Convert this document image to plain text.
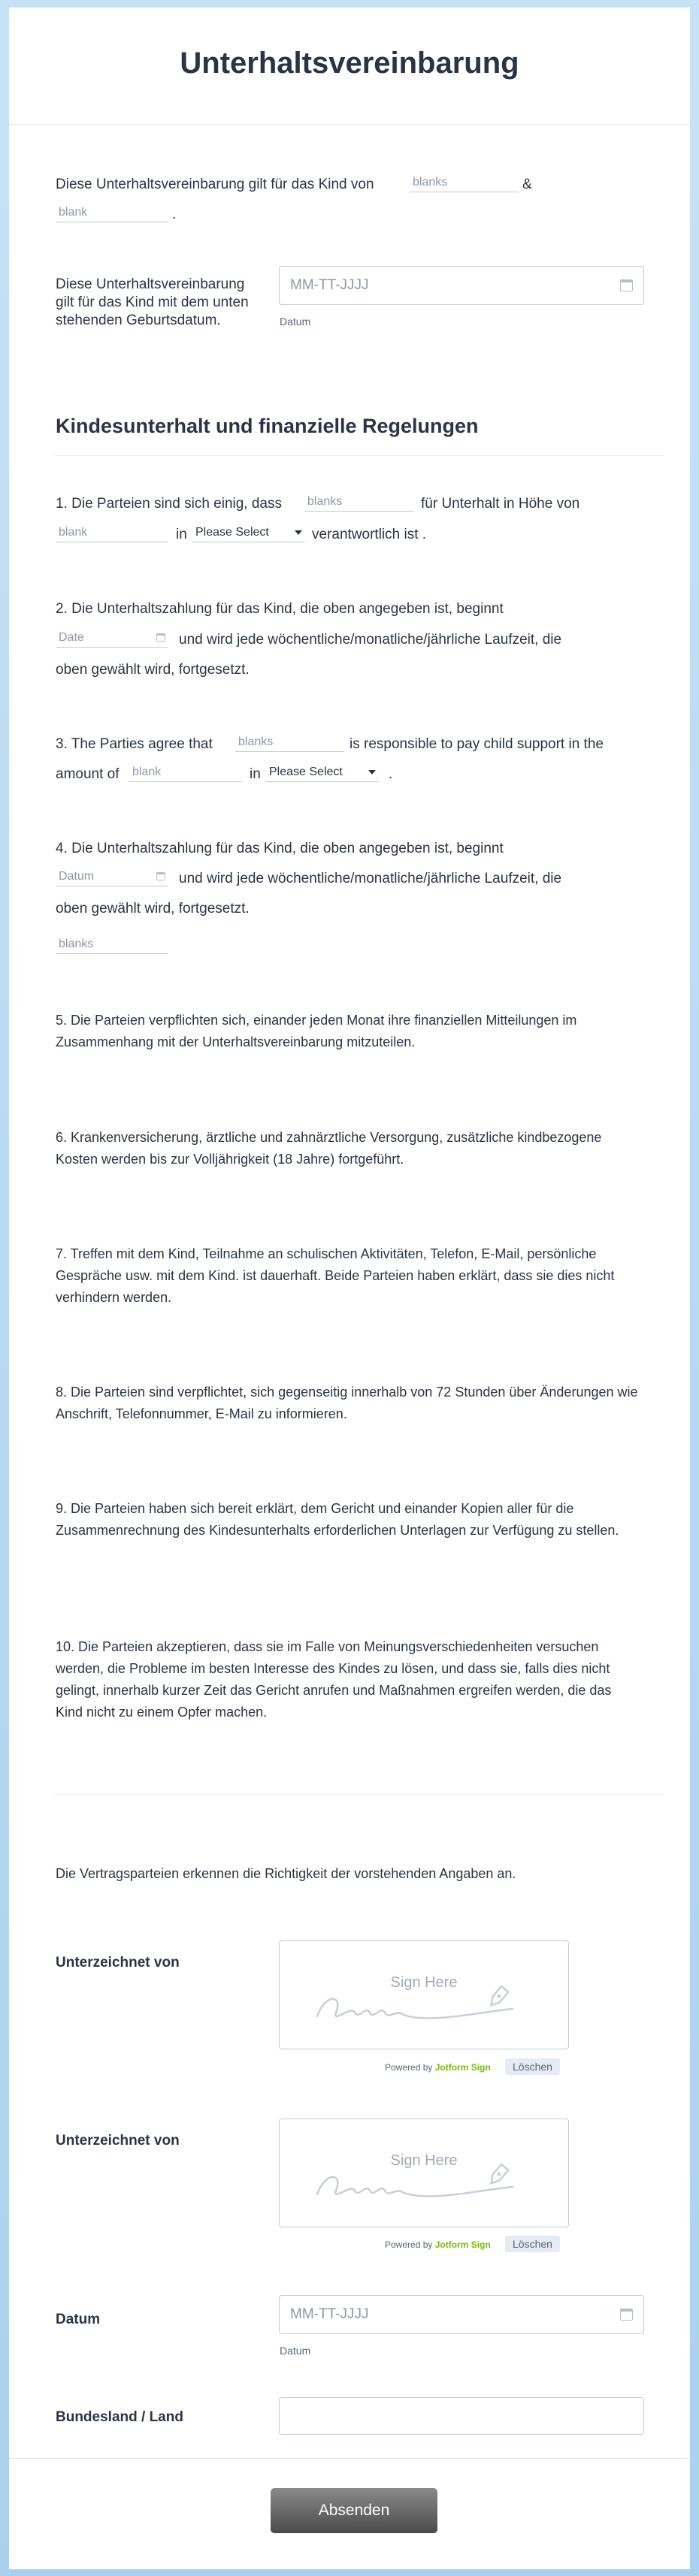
Unterhaltsvereinbarung
Diese Unterhaltsvereinbarung gilt für das Kind von	blanks	&
blank	.
Diese Unterhaltsvereinbarung gilt für das Kind mit dem unten stehenden Geburtsdatum.
MM-TT-JJJJ
Datum
Kindesunterhalt und finanzielle Regelungen
1. Die Parteien sind sich einig, dass blanks	für Unterhalt in Höhe von
blank	in Please Select	verantwortlich ist .
2. Die Unterhaltszahlung für das Kind, die oben angegeben ist, beginnt
Date	und wird jede wöchentliche/monatliche/jährliche Laufzeit, die
oben gewählt wird, fortgesetzt.
3. The Parties agree that blanks	is responsible to pay child support in the
amount of blank	in Please Select	.
4. Die Unterhaltszahlung für das Kind, die oben angegeben ist, beginnt
Datum	und wird jede wöchentliche/monatliche/jährliche Laufzeit, die
oben gewählt wird, fortgesetzt.
blanks
5. Die Parteien verpflichten sich, einander jeden Monat ihre finanziellen Mitteilungen im Zusammenhang mit der Unterhaltsvereinbarung mitzuteilen.
6. Krankenversicherung, ärztliche und zahnärztliche Versorgung, zusätzliche kindbezogene Kosten werden bis zur Volljährigkeit (18 Jahre) fortgeführt.
7. Treffen mit dem Kind, Teilnahme an schulischen Aktivitäten, Telefon, E-Mail, persönliche Gespräche usw. mit dem Kind. ist dauerhaft. Beide Parteien haben erklärt, dass sie dies nicht verhindern werden.
8. Die Parteien sind verpflichtet, sich gegenseitig innerhalb von 72 Stunden über Änderungen wie Anschrift, Telefonnummer, E-Mail zu informieren.
9. Die Parteien haben sich bereit erklärt, dem Gericht und einander Kopien aller für die Zusammenrechnung des Kindesunterhalts erforderlichen Unterlagen zur Verfügung zu stellen.
10. Die Parteien akzeptieren, dass sie im Falle von Meinungsverschiedenheiten versuchen werden, die Probleme im besten Interesse des Kindes zu lösen, und dass sie, falls dies nicht gelingt, innerhalb kurzer Zeit das Gericht anrufen und Maßnahmen ergreifen werden, die das Kind nicht zu einem Opfer machen.
Die Vertragsparteien erkennen die Richtigkeit der vorstehenden Angaben an.
Unterzeichnet von
Sign Here
Powered by Jotform Sign	Löschen
Unterzeichnet von
Sign Here
Powered by Jotform Sign	Löschen
Datum	MM-TT-JJJJ
Datum
Bundesland / Land
Absenden
